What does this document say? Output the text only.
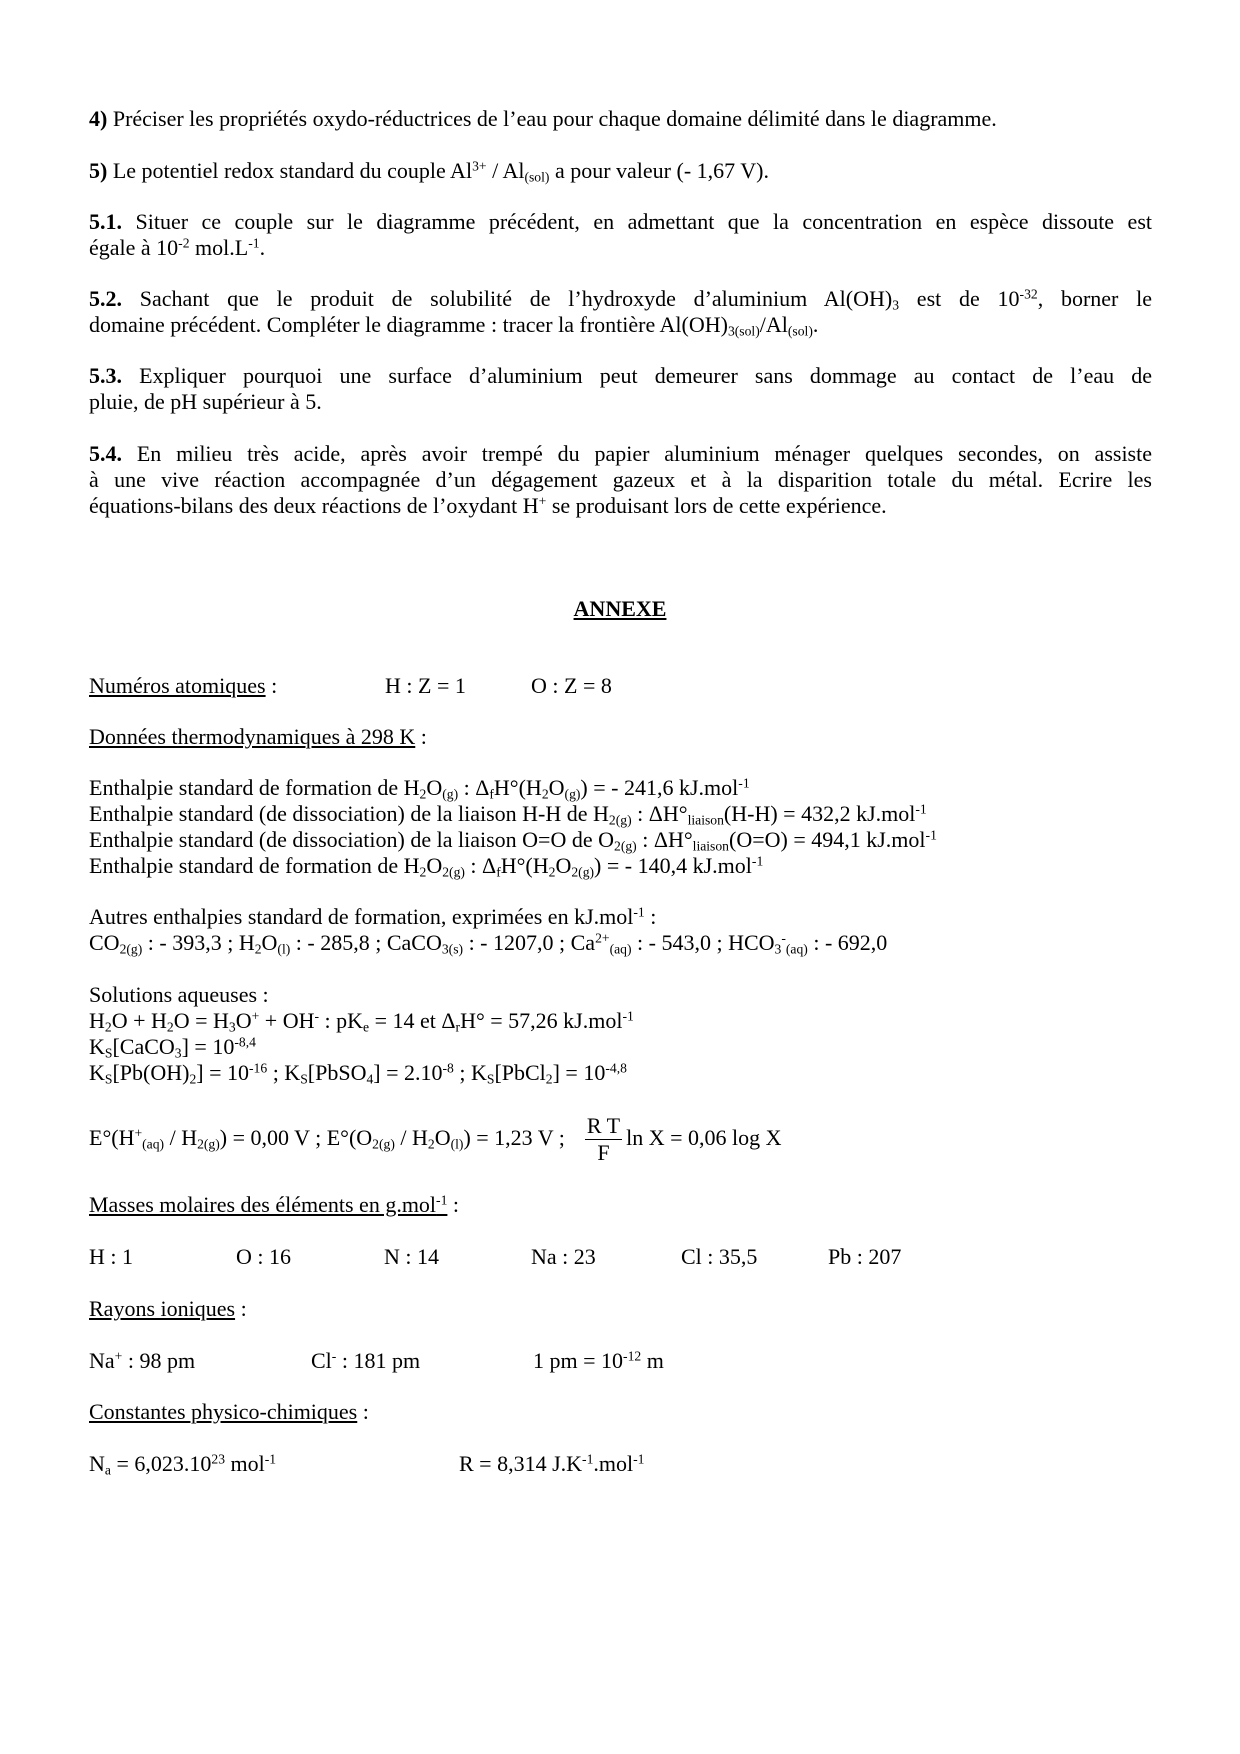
4) Préciser les propriétés oxydo-réductrices de l’eau pour chaque domaine délimité dans le diagramme.
5) Le potentiel redox standard du couple $Al^{3+} / Al_{(sol)}$ a pour valeur (- 1,67 V).
5.1. Situer ce couple sur le diagramme précédent, en admettant que la concentration en espèce dissoute est
égale à $10^{-2}$ $mol.L^{-1}$.
5.2. Sachant que le produit de solubilité de l’hydroxyde d’aluminium $Al(OH)_3$ est de $10^{-32}$, borner le
domaine précédent. Compléter le diagramme : tracer la frontière $Al(OH)_{3(sol)}/Al_{(sol)}$.
5.3. Expliquer pourquoi une surface d’aluminium peut demeurer sans dommage au contact de l’eau de
pluie, de pH supérieur à 5.
5.4. En milieu très acide, après avoir trempé du papier aluminium ménager quelques secondes, on assiste
à une vive réaction accompagnée d’un dégagement gazeux et à la disparition totale du métal. Ecrire les
équations-bilans des deux réactions de l’oxydant H+ se produisant lors de cette expérience.
ANNEXE
Numéros atomiques :	H : Z = 1	O : Z = 8
Données thermodynamiques à 298 K :
Enthalpie standard de formation de $H_2O_{(g)}$ : $\Delta_fH^\circ(H_2O_{(g)})$ = - 241,6 kJ.mol$^{-1}$
Enthalpie standard (de dissociation) de la liaison H-H de $H_{2(g)}$ : $\Delta H^\circ_{liaison}(H-H) = 432,2$ kJ.mol$^{-1}$
Enthalpie standard (de dissociation) de la liaison O=O de $O_{2(g)}$ : $\Delta H^\circ_{liaison}(O=O) = 494,1$ kJ.mol$^{-1}$
Enthalpie standard de formation de $H_2O_{2(g)}$ : $\Delta_fH^\circ(H_2O_{2(g)})$ = - 140,4 kJ.mol$^{-1}$
Autres enthalpies standard de formation, exprimées en kJ.mol$^{-1}$ :
$CO_{2(g)}$ : - 393,3 ; $H_2O_{(l)}$ : - 285,8 ; CaCO$_{3(s)}$ : - 1207,0 ; $Ca^{2+}_{(aq)}$ : - 543,0 ; $HCO_3^-_{(aq)}$ : - 692,0
Solutions aqueuses :
$H_2O + H_2O = H_3O^+ + OH^-$ : $pK_e = 14$ et $\Delta_rH^\circ = 57,26$ kJ.mol$^{-1}$
$K_S[CaCO_3] = 10^{-8,4}$
$K_S[Pb(OH)_2] = 10^{-16}$ ; $K_S[PbSO_4] = 2.10^{-8}$ ; $K_S[PbCl_2] = 10^{-4,8}$
$E^\circ(H^+_{(aq)} / H_{2(g)}) = 0,00$ V ; $E^\circ(O_{2(g)} / H_2O_{(l)}) = 1,23$ V ; $\frac{\text{R T}}{F}$ ln X = 0,06 log X
Masses molaires des éléments en g.mol$^{-1}$ :
H : 1	O : 16	N : 14	Na : 23	Cl : 35,5	Pb : 207
Rayons ioniques :
Na+ : 98 pm	Cl- : 181 pm	1 pm = $10^{-12}$ m
Constantes physico-chimiques :
$N_a = 6,023.10^{23}$ mol$^{-1}$	R = 8,314 $J.K^{-1}.mol^{-1}$
